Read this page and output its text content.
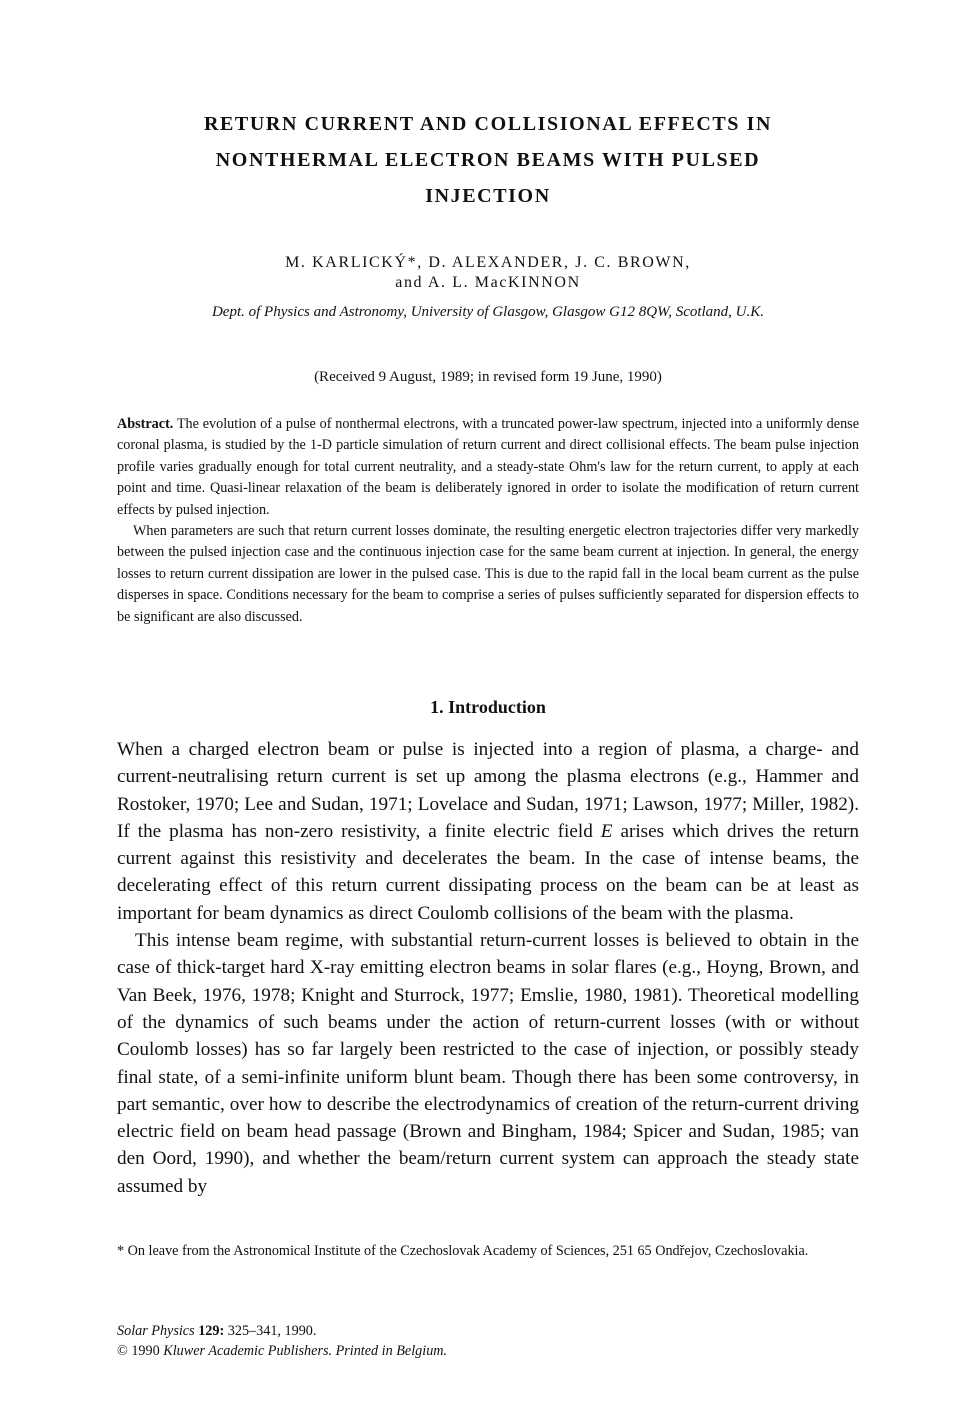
RETURN CURRENT AND COLLISIONAL EFFECTS IN
NONTHERMAL ELECTRON BEAMS WITH PULSED
INJECTION
M. KARLICKÝ*, D. ALEXANDER, J. C. BROWN,
and A. L. MacKINNON
Dept. of Physics and Astronomy, University of Glasgow, Glasgow G12 8QW, Scotland, U.K.
(Received 9 August, 1989; in revised form 19 June, 1990)

Abstract. The evolution of a pulse of nonthermal electrons, with a truncated power-law spectrum, injected into a uniformly dense coronal plasma, is studied by the 1-D particle simulation of return current and direct collisional effects. The beam pulse injection profile varies gradually enough for total current neutrality, and a steady-state Ohm's law for the return current, to apply at each point and time. Quasi-linear relaxation of the beam is deliberately ignored in order to isolate the modification of return current effects by pulsed injection.

When parameters are such that return current losses dominate, the resulting energetic electron trajectories differ very markedly between the pulsed injection case and the continuous injection case for the same beam current at injection. In general, the energy losses to return current dissipation are lower in the pulsed case. This is due to the rapid fall in the local beam current as the pulse disperses in space. Conditions necessary for the beam to comprise a series of pulses sufficiently separated for dispersion effects to be significant are also discussed.

1. Introduction

When a charged electron beam or pulse is injected into a region of plasma, a charge- and current-neutralising return current is set up among the plasma electrons (e.g., Hammer and Rostoker, 1970; Lee and Sudan, 1971; Lovelace and Sudan, 1971; Lawson, 1977; Miller, 1982). If the plasma has non-zero resistivity, a finite electric field E arises which drives the return current against this resistivity and decelerates the beam. In the case of intense beams, the decelerating effect of this return current dissipating process on the beam can be at least as important for beam dynamics as direct Coulomb collisions of the beam with the plasma.

This intense beam regime, with substantial return-current losses is believed to obtain in the case of thick-target hard X-ray emitting electron beams in solar flares (e.g., Hoyng, Brown, and Van Beek, 1976, 1978; Knight and Sturrock, 1977; Emslie, 1980, 1981). Theoretical modelling of the dynamics of such beams under the action of return-current losses (with or without Coulomb losses) has so far largely been restricted to the case of injection, or possibly steady final state, of a semi-infinite uniform blunt beam. Though there has been some controversy, in part semantic, over how to describe the electrodynamics of creation of the return-current driving electric field on beam head passage (Brown and Bingham, 1984; Spicer and Sudan, 1985; van den Oord, 1990), and whether the beam/return current system can approach the steady state assumed by

* On leave from the Astronomical Institute of the Czechoslovak Academy of Sciences, 251 65 Ondřejov, Czechoslovakia.

Solar Physics 129: 325–341, 1990.
© 1990 Kluwer Academic Publishers. Printed in Belgium.
